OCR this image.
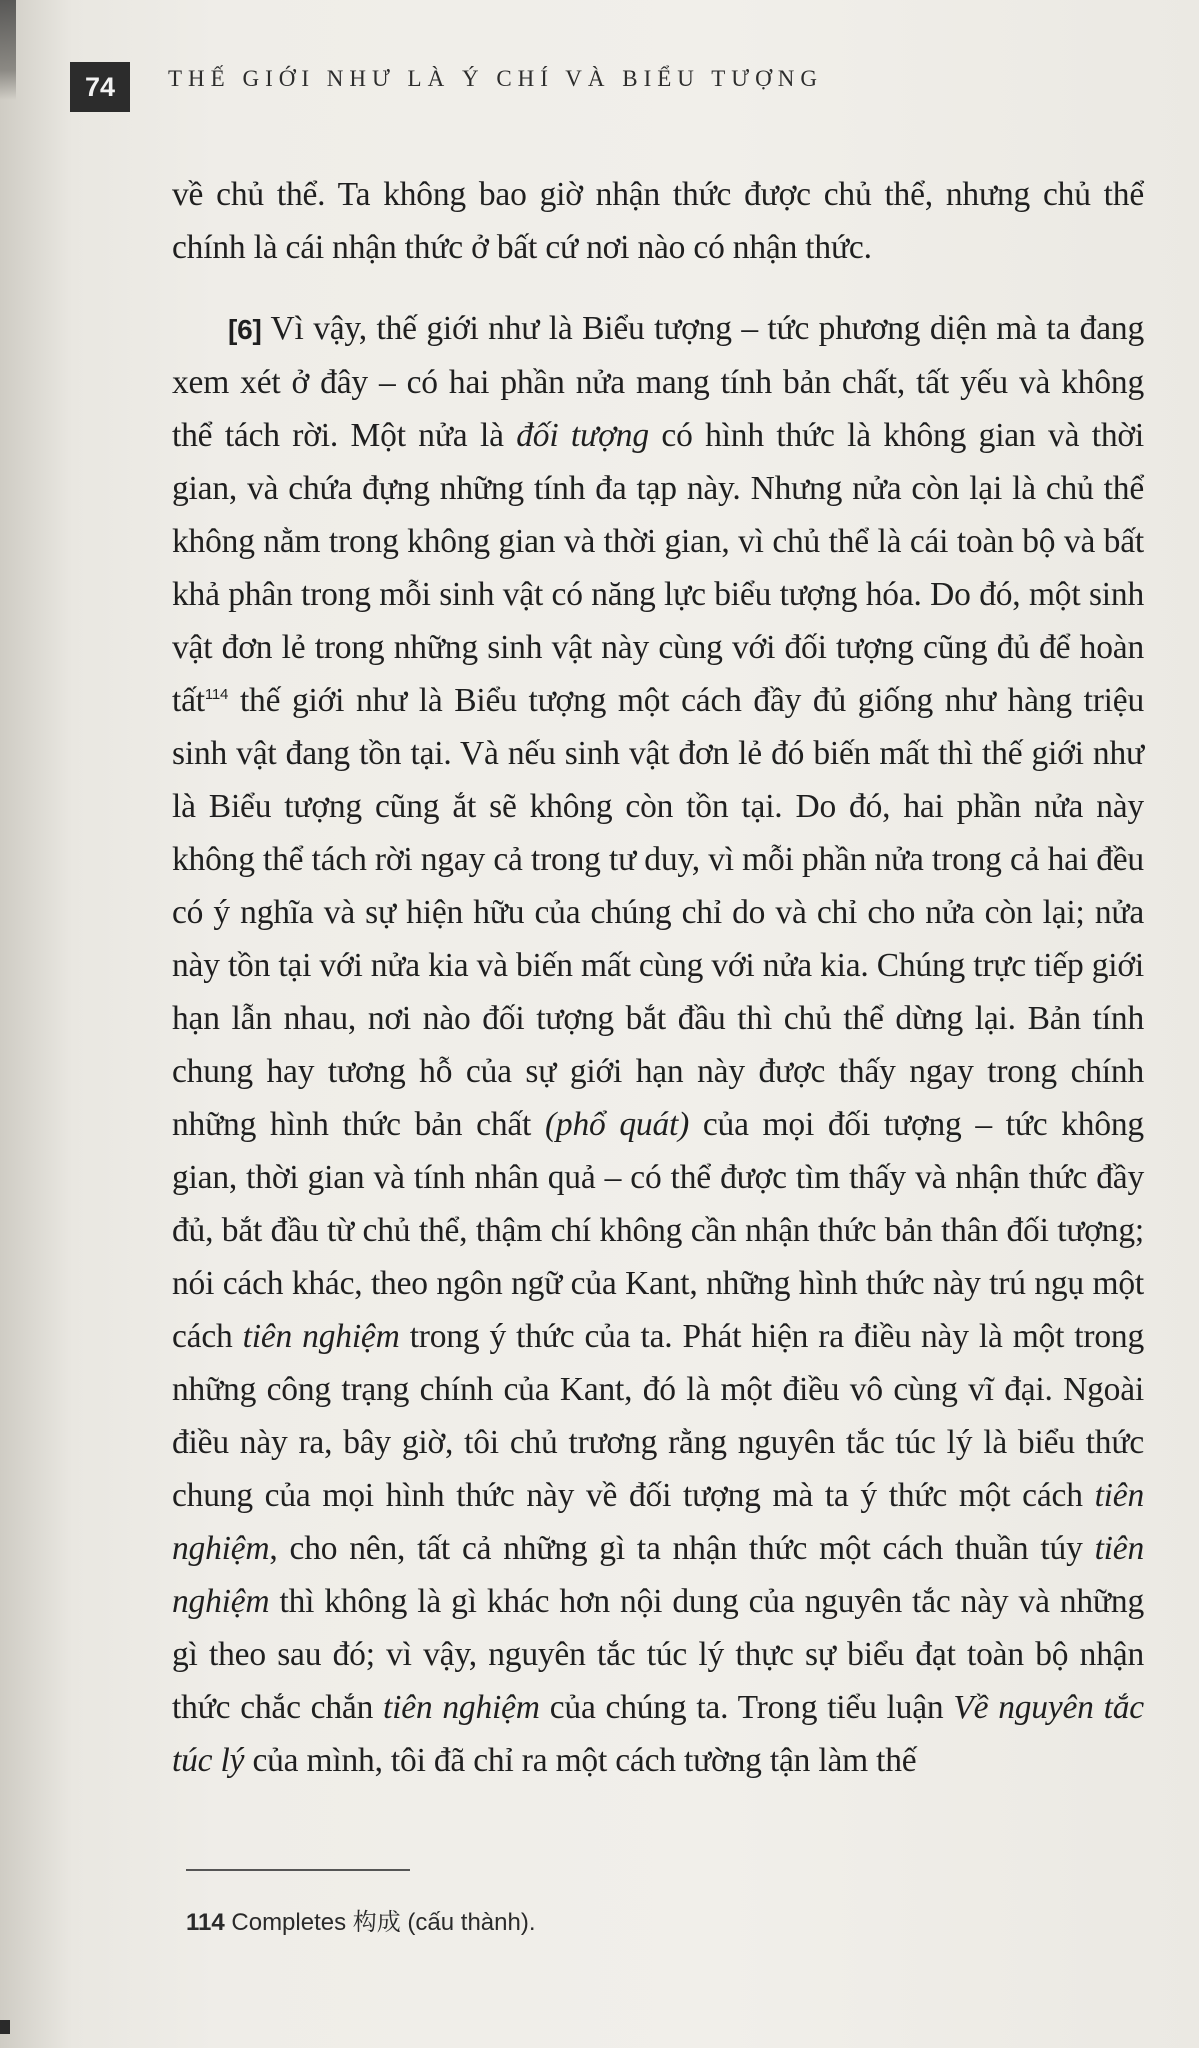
74	THẾ GIỚI NHƯ LÀ Ý CHÍ VÀ BIỂU TƯỢNG

về chủ thể. Ta không bao giờ nhận thức được chủ thể, nhưng chủ thể chính là cái nhận thức ở bất cứ nơi nào có nhận thức.

[6] Vì vậy, thế giới như là Biểu tượng – tức phương diện mà ta đang xem xét ở đây – có hai phần nửa mang tính bản chất, tất yếu và không thể tách rời. Một nửa là đối tượng có hình thức là không gian và thời gian, và chứa đựng những tính đa tạp này. Nhưng nửa còn lại là chủ thể không nằm trong không gian và thời gian, vì chủ thể là cái toàn bộ và bất khả phân trong mỗi sinh vật có năng lực biểu tượng hóa. Do đó, một sinh vật đơn lẻ trong những sinh vật này cùng với đối tượng cũng đủ để hoàn tất$^{114}$ thế giới như là Biểu tượng một cách đầy đủ giống như hàng triệu sinh vật đang tồn tại. Và nếu sinh vật đơn lẻ đó biến mất thì thế giới như là Biểu tượng cũng ắt sẽ không còn tồn tại. Do đó, hai phần nửa này không thể tách rời ngay cả trong tư duy, vì mỗi phần nửa trong cả hai đều có ý nghĩa và sự hiện hữu của chúng chỉ do và chỉ cho nửa còn lại; nửa này tồn tại với nửa kia và biến mất cùng với nửa kia. Chúng trực tiếp giới hạn lẫn nhau, nơi nào đối tượng bắt đầu thì chủ thể dừng lại. Bản tính chung hay tương hỗ của sự giới hạn này được thấy ngay trong chính những hình thức bản chất (phổ quát) của mọi đối tượng – tức không gian, thời gian và tính nhân quả – có thể được tìm thấy và nhận thức đầy đủ, bắt đầu từ chủ thể, thậm chí không cần nhận thức bản thân đối tượng; nói cách khác, theo ngôn ngữ của Kant, những hình thức này trú ngụ một cách tiên nghiệm trong ý thức của ta. Phát hiện ra điều này là một trong những công trạng chính của Kant, đó là một điều vô cùng vĩ đại. Ngoài điều này ra, bây giờ, tôi chủ trương rằng nguyên tắc túc lý là biểu thức chung của mọi hình thức này về đối tượng mà ta ý thức một cách tiên nghiệm, cho nên, tất cả những gì ta nhận thức một cách thuần túy tiên nghiệm thì không là gì khác hơn nội dung của nguyên tắc này và những gì theo sau đó; vì vậy, nguyên tắc túc lý thực sự biểu đạt toàn bộ nhận thức chắc chắn tiên nghiệm của chúng ta. Trong tiểu luận Về nguyên tắc túc lý của mình, tôi đã chỉ ra một cách tường tận làm thế

114 Completes 构成 (cấu thành).
